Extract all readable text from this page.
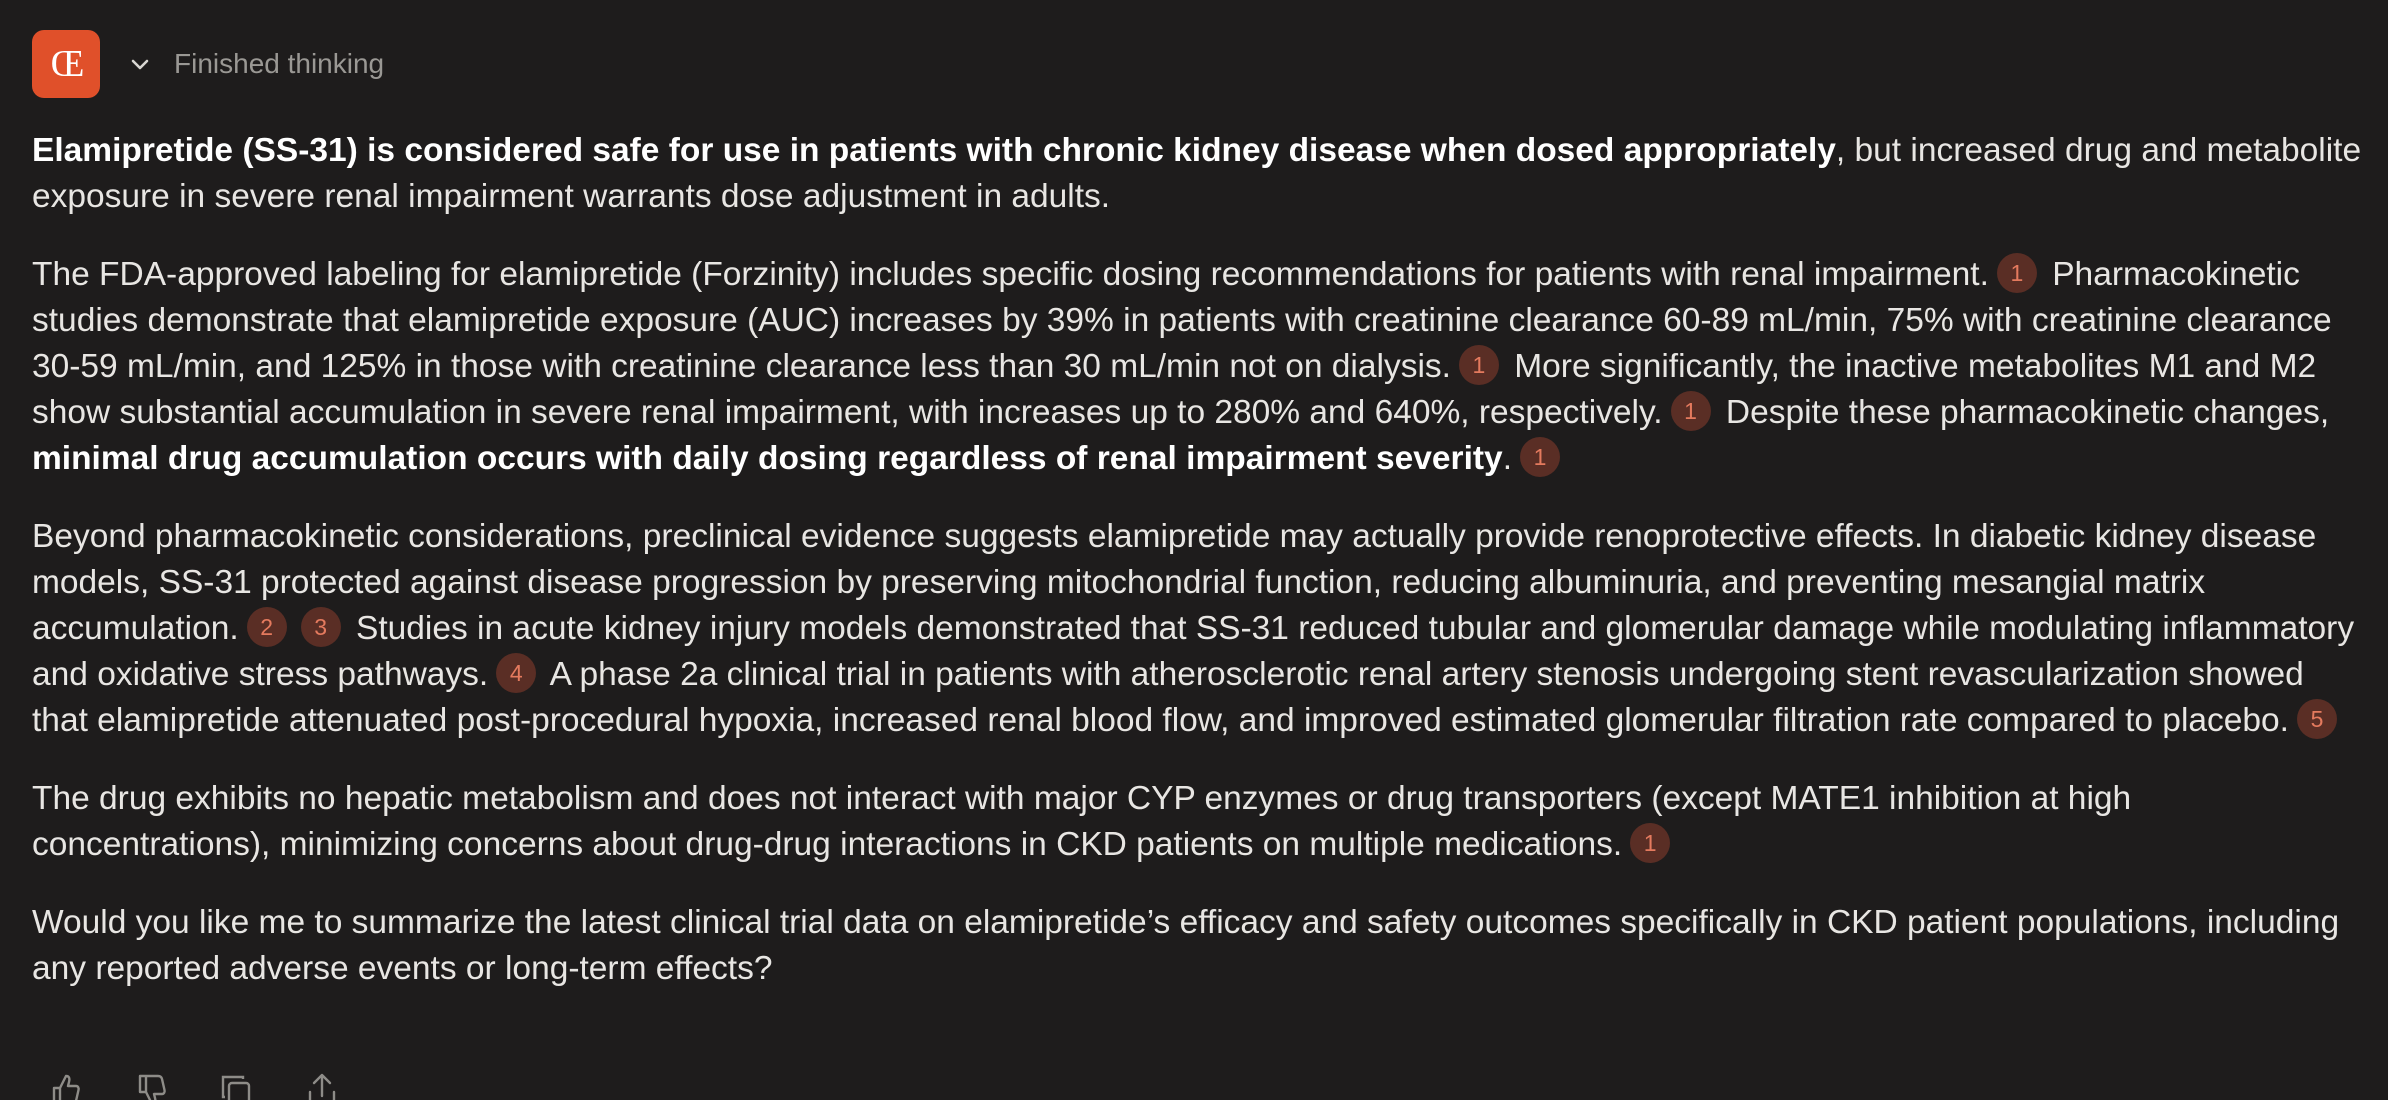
Œ	Finished thinking

Elamipretide (SS-31) is considered safe for use in patients with chronic kidney disease when dosed appropriately, but increased drug and metabolite exposure in severe renal impairment warrants dose adjustment in adults.

The FDA-approved labeling for elamipretide (Forzinity) includes specific dosing recommendations for patients with renal impairment. 1 Pharmacokinetic studies demonstrate that elamipretide exposure (AUC) increases by 39% in patients with creatinine clearance 60-89 mL/min, 75% with creatinine clearance 30-59 mL/min, and 125% in those with creatinine clearance less than 30 mL/min not on dialysis. 1 More significantly, the inactive metabolites M1 and M2 show substantial accumulation in severe renal impairment, with increases up to 280% and 640%, respectively. 1 Despite these pharmacokinetic changes, minimal drug accumulation occurs with daily dosing regardless of renal impairment severity. 1

Beyond pharmacokinetic considerations, preclinical evidence suggests elamipretide may actually provide renoprotective effects. In diabetic kidney disease models, SS-31 protected against disease progression by preserving mitochondrial function, reducing albuminuria, and preventing mesangial matrix accumulation. 2 3 Studies in acute kidney injury models demonstrated that SS-31 reduced tubular and glomerular damage while modulating inflammatory and oxidative stress pathways. 4 A phase 2a clinical trial in patients with atherosclerotic renal artery stenosis undergoing stent revascularization showed that elamipretide attenuated post-procedural hypoxia, increased renal blood flow, and improved estimated glomerular filtration rate compared to placebo. 5

The drug exhibits no hepatic metabolism and does not interact with major CYP enzymes or drug transporters (except MATE1 inhibition at high concentrations), minimizing concerns about drug-drug interactions in CKD patients on multiple medications. 1

Would you like me to summarize the latest clinical trial data on elamipretide’s efficacy and safety outcomes specifically in CKD patient populations, including any reported adverse events or long-term effects?
